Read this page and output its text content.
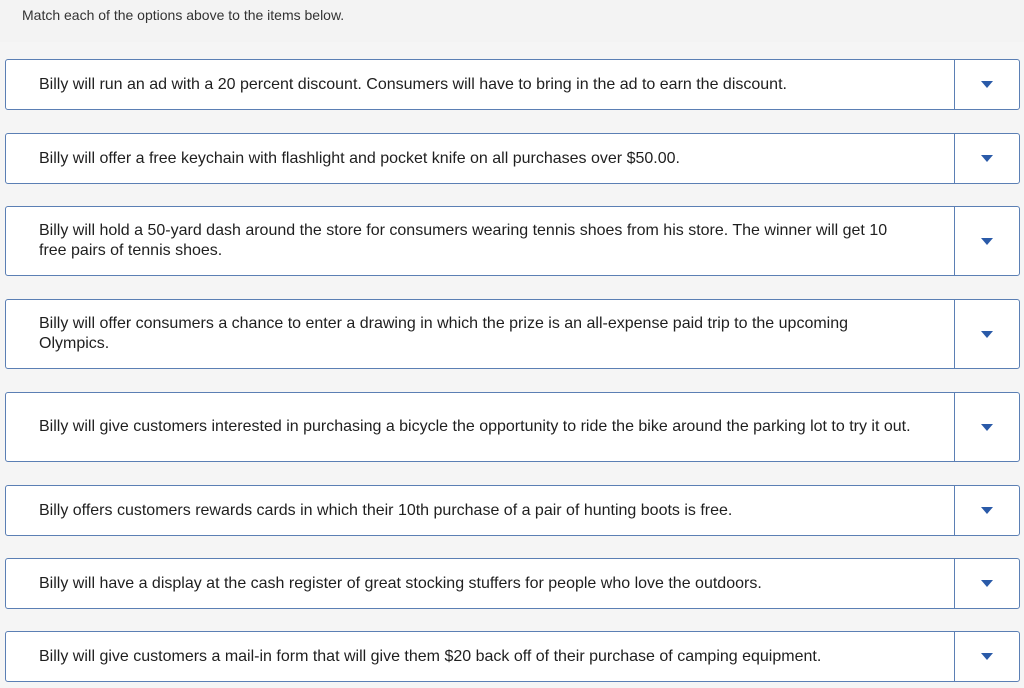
Match each of the options above to the items below.
Billy will run an ad with a 20 percent discount. Consumers will have to bring in the ad to earn the discount.
Billy will offer a free keychain with flashlight and pocket knife on all purchases over $50.00.
Billy will hold a 50-yard dash around the store for consumers wearing tennis shoes from his store. The winner will get 10 free pairs of tennis shoes.
Billy will offer consumers a chance to enter a drawing in which the prize is an all-expense paid trip to the upcoming Olympics.
Billy will give customers interested in purchasing a bicycle the opportunity to ride the bike around the parking lot to try it out.
Billy offers customers rewards cards in which their 10th purchase of a pair of hunting boots is free.
Billy will have a display at the cash register of great stocking stuffers for people who love the outdoors.
Billy will give customers a mail-in form that will give them $20 back off of their purchase of camping equipment.
